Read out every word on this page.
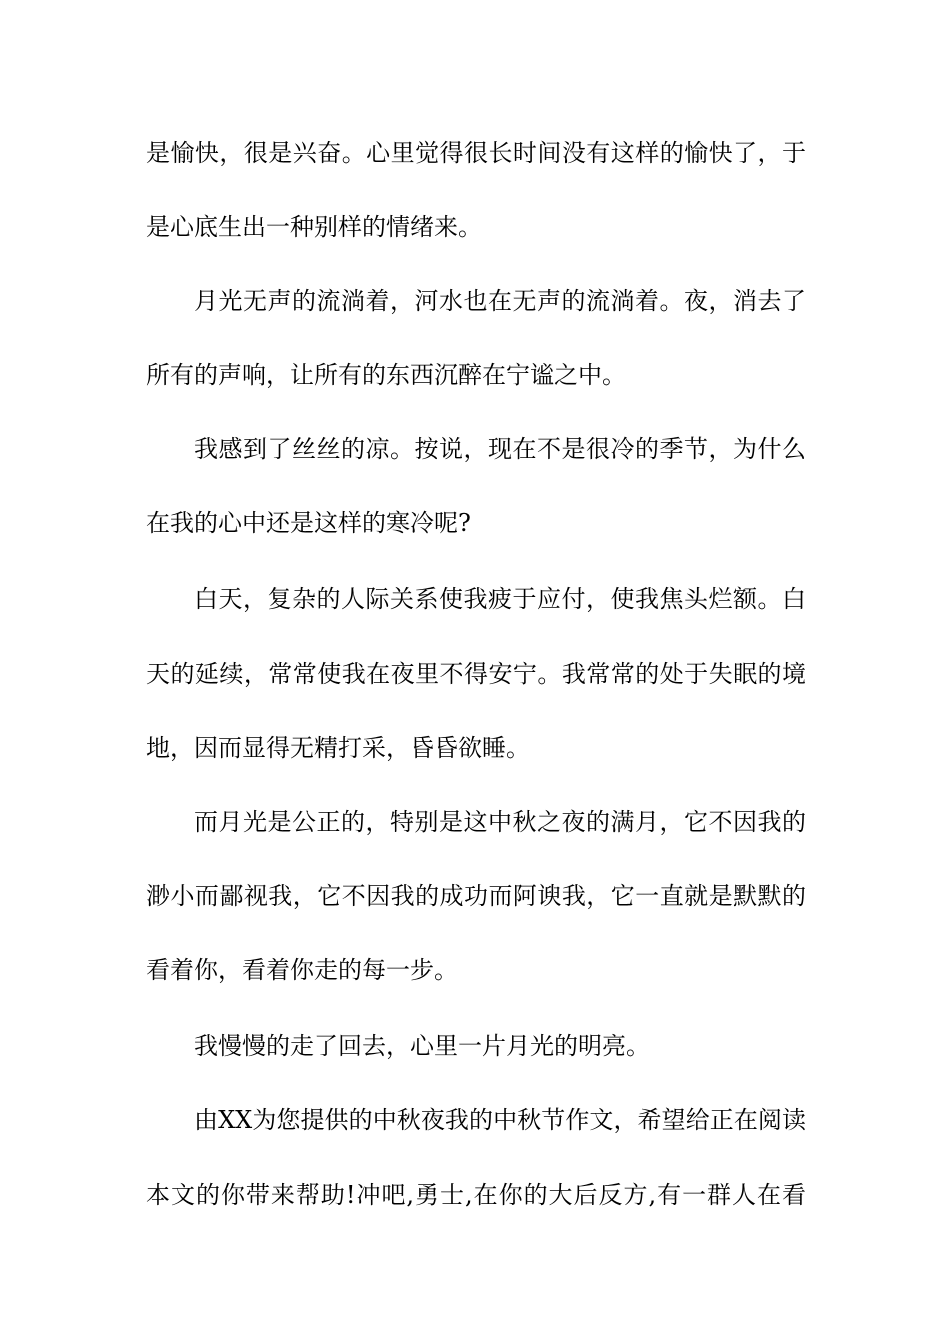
是愉快，很是兴奋。心里觉得很长时间没有这样的愉快了，于
是心底生出一种别样的情绪来。
月光无声的流淌着，河水也在无声的流淌着。夜，消去了
所有的声响，让所有的东西沉醉在宁谧之中。
我感到了丝丝的凉。按说，现在不是很冷的季节，为什么
在我的心中还是这样的寒冷呢?
白天，复杂的人际关系使我疲于应付，使我焦头烂额。白
天的延续，常常使我在夜里不得安宁。我常常的处于失眠的境
地，因而显得无精打采，昏昏欲睡。
而月光是公正的，特别是这中秋之夜的满月，它不因我的
渺小而鄙视我，它不因我的成功而阿谀我，它一直就是默默的
看着你，看着你走的每一步。
我慢慢的走了回去，心里一片月光的明亮。
由XX为您提供的中秋夜我的中秋节作文，希望给正在阅读
本文的你带来帮助!冲吧,勇士,在你的大后反方,有一群人在看
